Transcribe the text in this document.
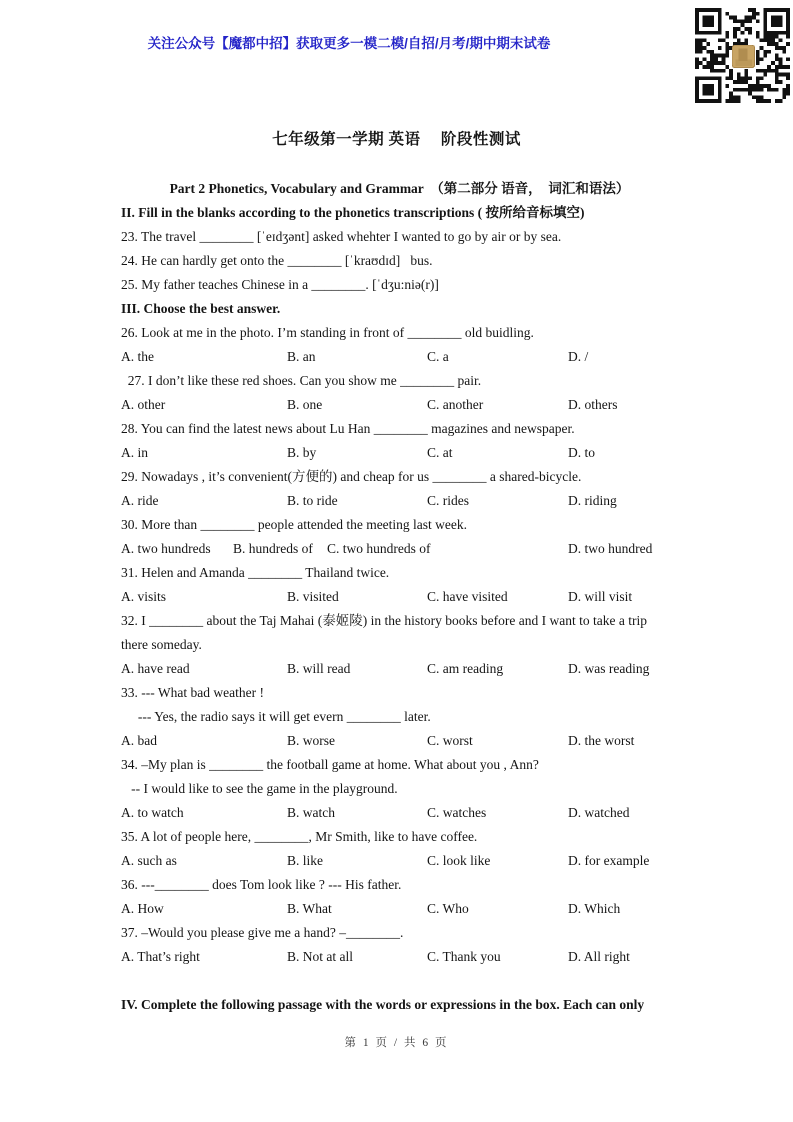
关注公众号【魔都中招】获取更多一模二模/自招/月考/期中期末试卷
七年级第一学期 英语　 阶段性测试
Part 2 Phonetics, Vocabulary and Grammar  （第二部分 语音，  词汇和语法）
II. Fill in the blanks according to the phonetics transcriptions ( 按所给音标填空)
23. The travel ________ [ˈeɪdʒənt] asked whehter I wanted to go by air or by sea.
24. He can hardly get onto the ________ [ˈkraʊdɪd]   bus.
25. My father teaches Chinese in a ________. [ˈdʒu:niə(r)]
III. Choose the best answer.
26. Look at me in the photo. I’m standing in front of ________ old buidling.
A. the	B. an	C. a	D. /
27. I don’t like these red shoes. Can you show me ________ pair.
A. other	B. one	C. another	D. others
28. You can find the latest news about Lu Han ________ magazines and newspaper.
A. in	B. by	C. at	D. to
29. Nowadays , it’s convenient(方便的) and cheap for us ________ a shared-bicycle.
A. ride	B. to ride	C. rides	D. riding
30. More than ________ people attended the meeting last week.
A. two hundreds B. hundreds of C. two hundreds of	D. two hundred
31. Helen and Amanda ________ Thailand twice.
A. visits	B. visited	C. have visited	D. will visit
32. I ________ about the Taj Mahai (泰姬陵) in the history books before and I want to take a trip
there someday.
A. have read	B. will read	C. am reading	D. was reading
33. --- What bad weather !
--- Yes, the radio says it will get evern ________ later.
A. bad	B. worse	C. worst	D. the worst
34. –My plan is ________ the football game at home. What about you , Ann?
-- I would like to see the game in the playground.
A. to watch	B. watch	C. watches	D. watched
35. A lot of people here, ________, Mr Smith, like to have coffee.
A. such as	B. like	C. look like	D. for example
36. ---________ does Tom look like ? --- His father.
A. How	B. What	C. Who	D. Which
37. –Would you please give me a hand? –________.
A. That’s right	B. Not at all	C. Thank you	D. All right
IV. Complete the following passage with the words or expressions in the box. Each can only
第 1 页 / 共 6 页
